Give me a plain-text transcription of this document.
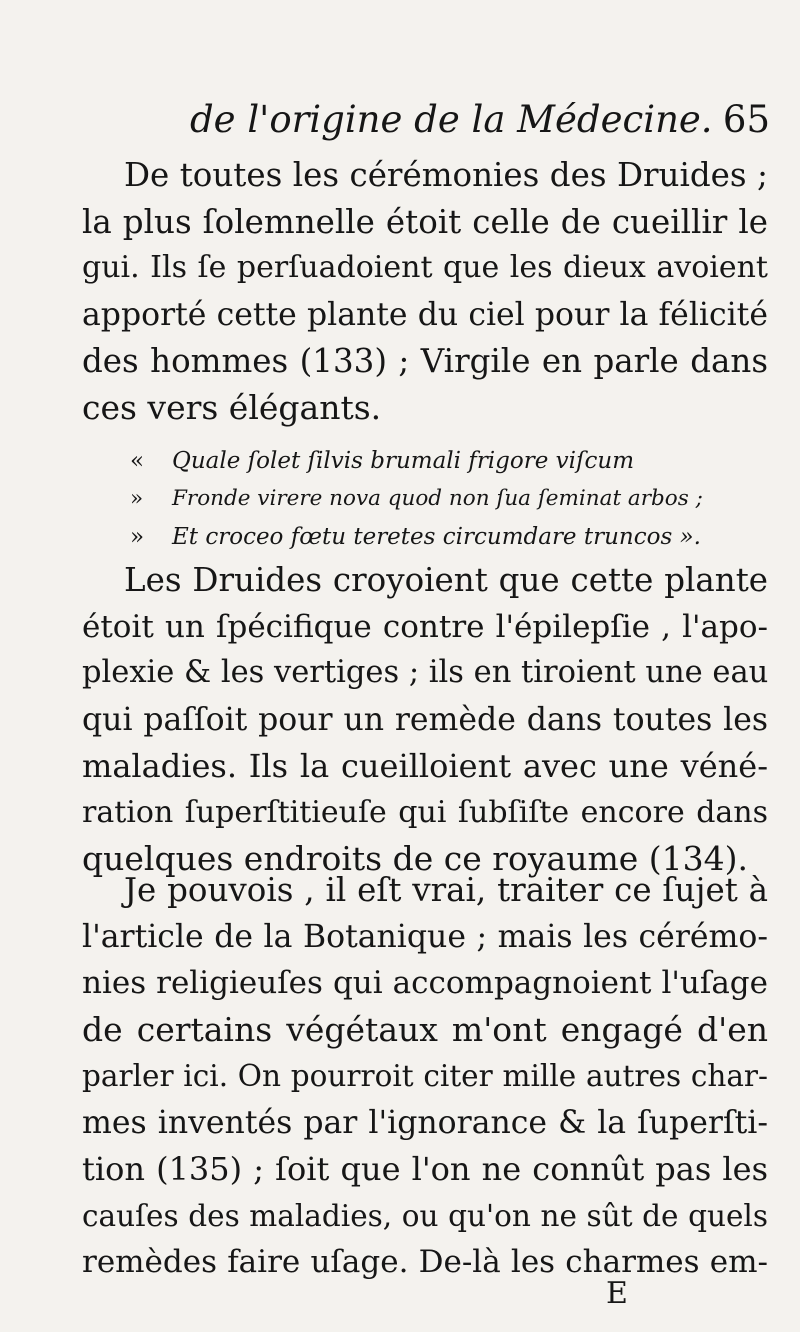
de l'origine de la Médecine. 65
De toutes les cérémonies des Druides ;
la plus ſolemnelle étoit celle de cueillir le
gui. Ils ſe perſuadoient que les dieux avoient
apporté cette plante du ciel pour la félicité
des hommes (133) ; Virgile en parle dans
ces vers élégants.
« Quale ſolet ſilvis brumali frigore viſcum
» Fronde virere nova quod non ſua ſeminat arbos ;
» Et croceo fœtu teretes circumdare truncos ».
Les Druides croyoient que cette plante
étoit un ſpécifique contre l'épilepſie , l'apo-
plexie & les vertiges ; ils en tiroient une eau
qui paſſoit pour un remède dans toutes les
maladies. Ils la cueilloient avec une véné-
ration ſuperſtitieuſe qui ſubſiſte encore dans
quelques endroits de ce royaume (134).
Je pouvois , il eſt vrai, traiter ce ſujet à
l'article de la Botanique ; mais les cérémo-
nies religieuſes qui accompagnoient l'uſage
de certains végétaux m'ont engagé d'en
parler ici. On pourroit citer mille autres char-
mes inventés par l'ignorance & la ſuperſti-
tion (135) ; ſoit que l'on ne connût pas les
cauſes des maladies, ou qu'on ne sût de quels
remèdes faire uſage. De-là les charmes em-
E
